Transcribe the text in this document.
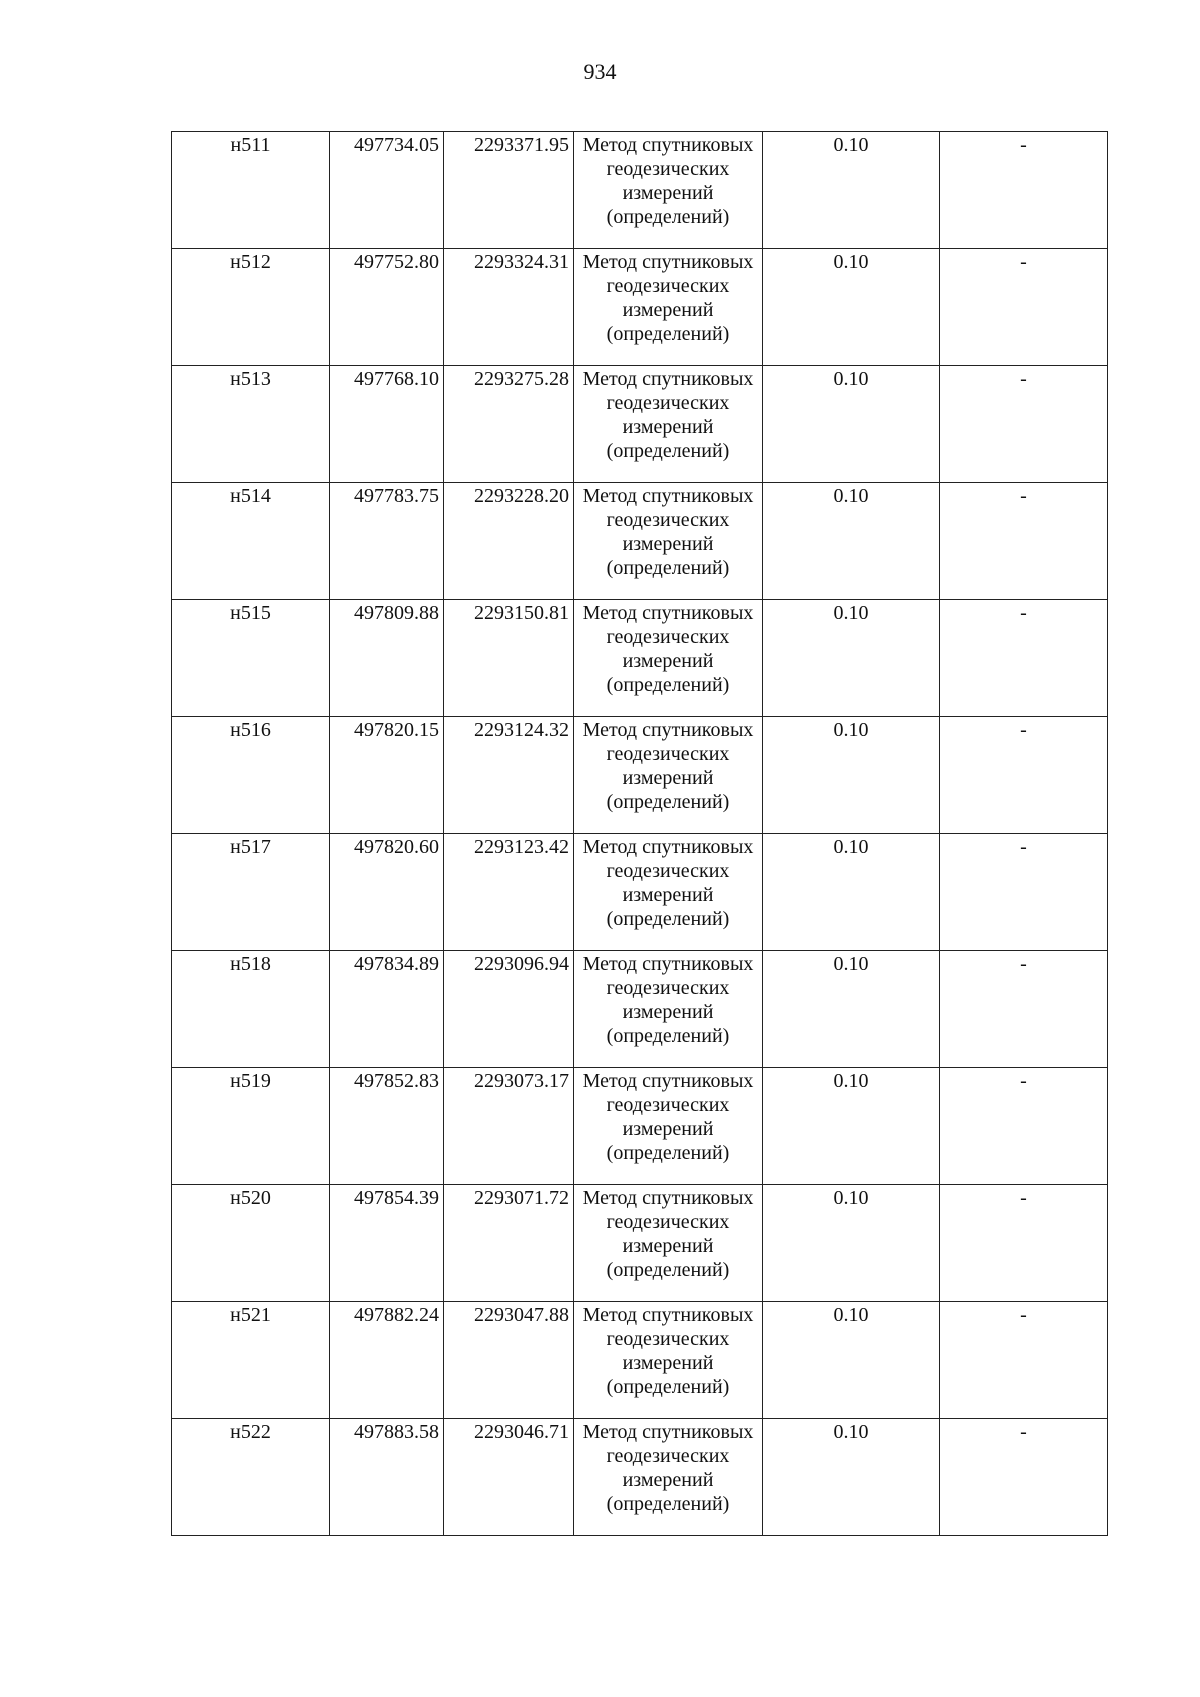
934
н511	497734.05	2293371.95	Метод спутниковых геодезических измерений (определений)	0.10	-
н512	497752.80	2293324.31	Метод спутниковых геодезических измерений (определений)	0.10	-
н513	497768.10	2293275.28	Метод спутниковых геодезических измерений (определений)	0.10	-
н514	497783.75	2293228.20	Метод спутниковых геодезических измерений (определений)	0.10	-
н515	497809.88	2293150.81	Метод спутниковых геодезических измерений (определений)	0.10	-
н516	497820.15	2293124.32	Метод спутниковых геодезических измерений (определений)	0.10	-
н517	497820.60	2293123.42	Метод спутниковых геодезических измерений (определений)	0.10	-
н518	497834.89	2293096.94	Метод спутниковых геодезических измерений (определений)	0.10	-
н519	497852.83	2293073.17	Метод спутниковых геодезических измерений (определений)	0.10	-
н520	497854.39	2293071.72	Метод спутниковых геодезических измерений (определений)	0.10	-
н521	497882.24	2293047.88	Метод спутниковых геодезических измерений (определений)	0.10	-
н522	497883.58	2293046.71	Метод спутниковых геодезических измерений (определений)	0.10	-
